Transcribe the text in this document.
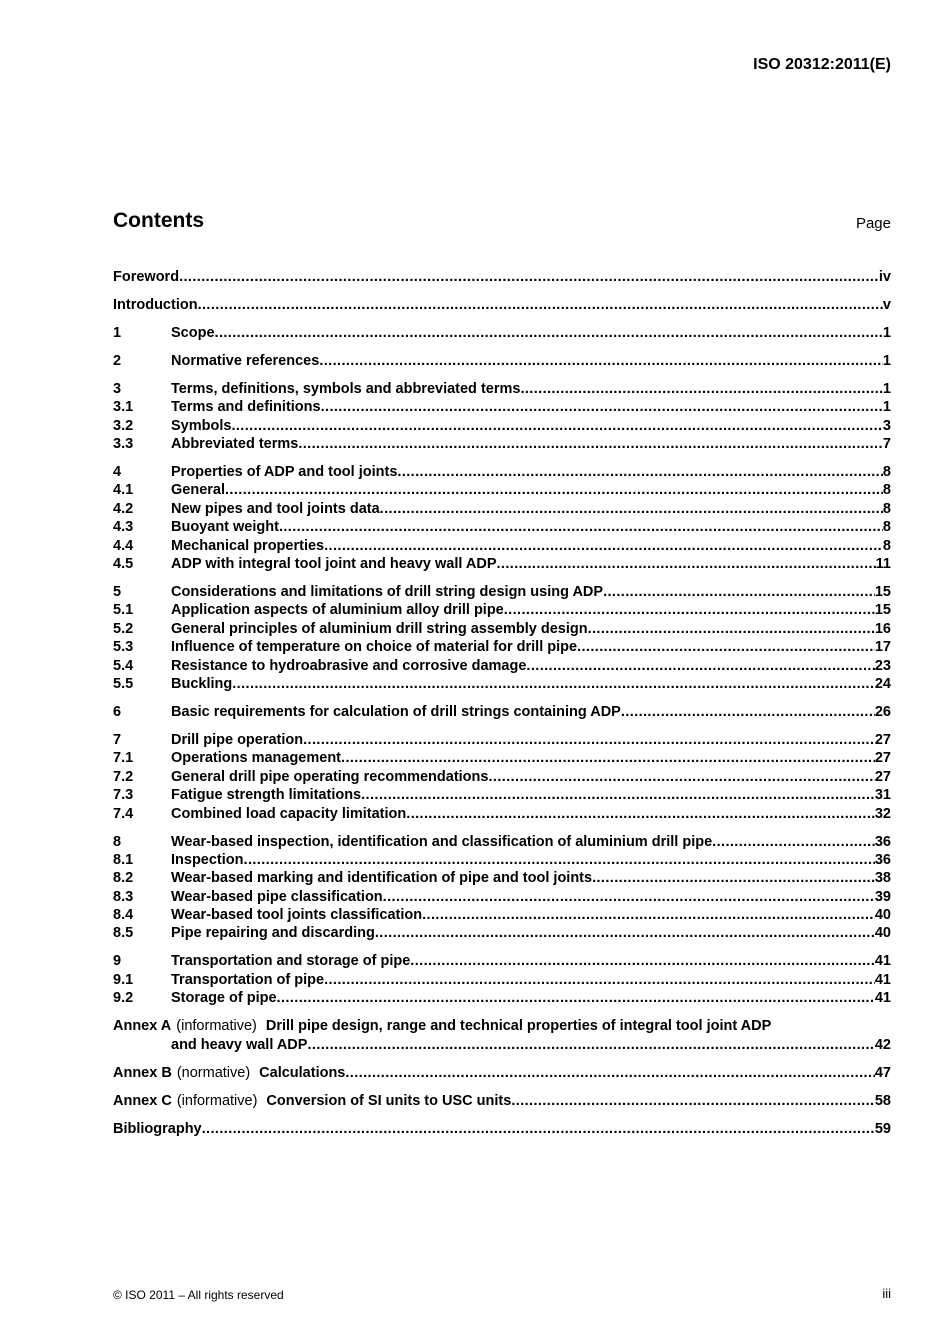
ISO 20312:2011(E)
Contents	Page
Foreword .....	iv
Introduction .....	v
1	Scope .....	1
2	Normative references .....	1
3	Terms, definitions, symbols and abbreviated terms .....	1
3.1	Terms and definitions .....	1
3.2	Symbols .....	3
3.3	Abbreviated terms .....	7
4	Properties of ADP and tool joints .....	8
4.1	General .....	8
4.2	New pipes and tool joints data .....	8
4.3	Buoyant weight .....	8
4.4	Mechanical properties .....	8
4.5	ADP with integral tool joint and heavy wall ADP .....	11
5	Considerations and limitations of drill string design using ADP .....	15
5.1	Application aspects of aluminium alloy drill pipe .....	15
5.2	General principles of aluminium drill string assembly design .....	16
5.3	Influence of temperature on choice of material for drill pipe .....	17
5.4	Resistance to hydroabrasive and corrosive damage .....	23
5.5	Buckling .....	24
6	Basic requirements for calculation of drill strings containing ADP .....	26
7	Drill pipe operation .....	27
7.1	Operations management .....	27
7.2	General drill pipe operating recommendations .....	27
7.3	Fatigue strength limitations .....	31
7.4	Combined load capacity limitation .....	32
8	Wear-based inspection, identification and classification of aluminium drill pipe .....	36
8.1	Inspection .....	36
8.2	Wear-based marking and identification of pipe and tool joints .....	38
8.3	Wear-based pipe classification .....	39
8.4	Wear-based tool joints classification .....	40
8.5	Pipe repairing and discarding .....	40
9	Transportation and storage of pipe .....	41
9.1	Transportation of pipe .....	41
9.2	Storage of pipe .....	41
Annex A (informative) Drill pipe design, range and technical properties of integral tool joint ADP
and heavy wall ADP .....	42
Annex B (normative) Calculations .....	47
Annex C (informative) Conversion of SI units to USC units .....	58
Bibliography .....	59
© ISO 2011 – All rights reserved	iii
